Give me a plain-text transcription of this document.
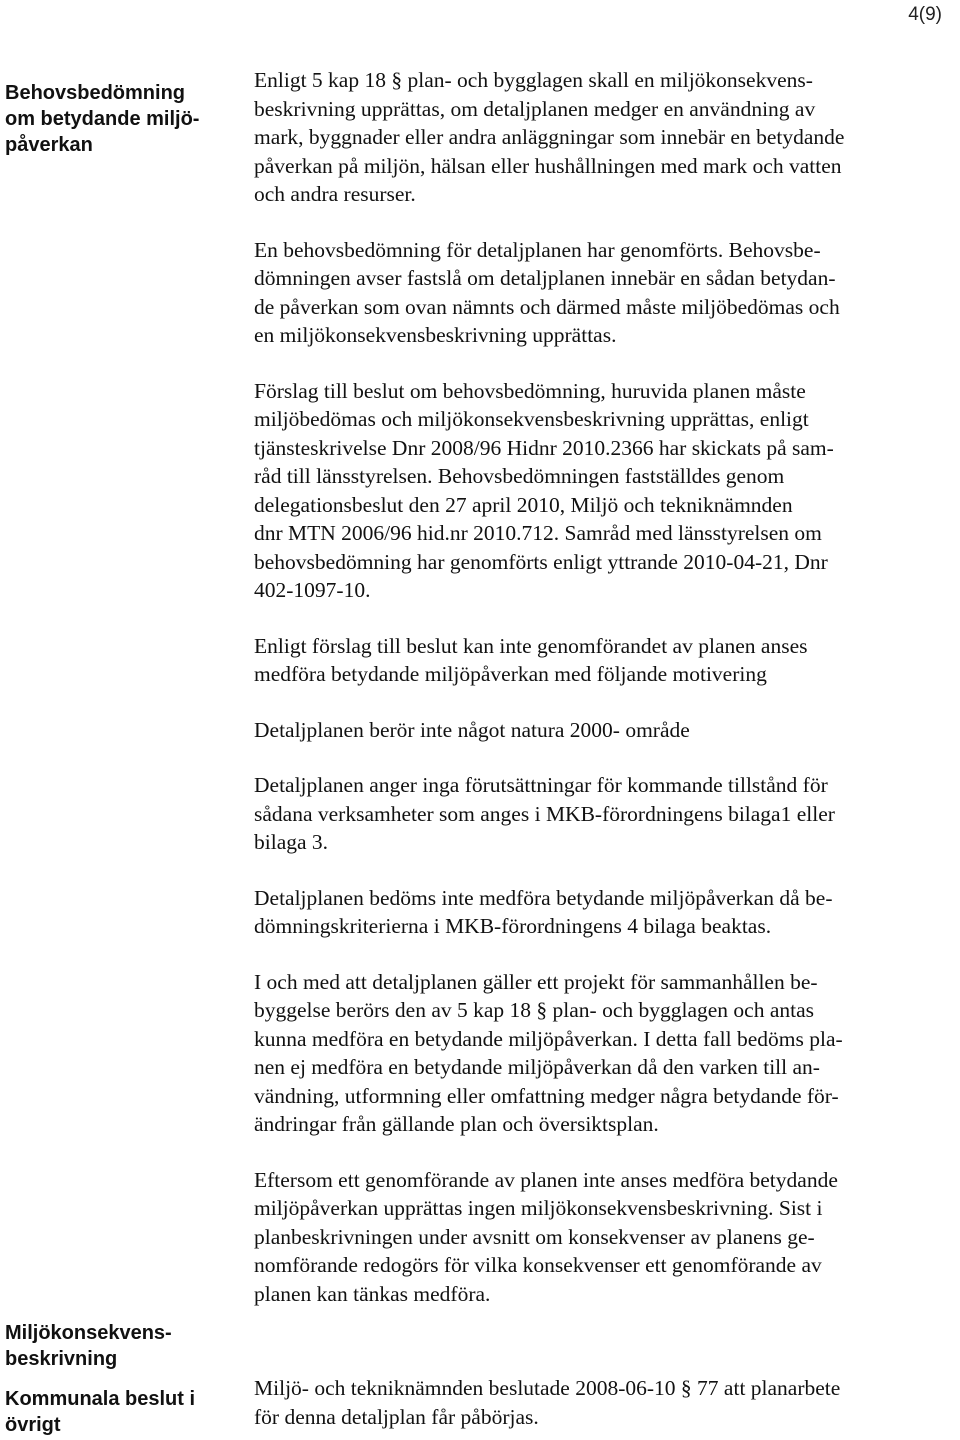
4(9)
Behovsbedömning
om betydande miljö-
påverkan

Enligt 5 kap 18 § plan- och bygglagen skall en miljökonsekvens-
beskrivning upprättas, om detaljplanen medger en användning av
mark, byggnader eller andra anläggningar som innebär en betydande
påverkan på miljön, hälsan eller hushållningen med mark och vatten
och andra resurser.

En behovsbedömning för detaljplanen har genomförts. Behovsbe-
dömningen avser fastslå om detaljplanen innebär en sådan betydan-
de påverkan som ovan nämnts och därmed måste miljöbedömas och
en miljökonsekvensbeskrivning upprättas.

Förslag till beslut om behovsbedömning, huruvida planen måste
miljöbedömas och miljökonsekvensbeskrivning upprättas, enligt
tjänsteskrivelse Dnr 2008/96 Hidnr 2010.2366 har skickats på sam-
råd till länsstyrelsen. Behovsbedömningen fastställdes genom
delegationsbeslut den 27 april 2010, Miljö och tekniknämnden
dnr MTN 2006/96 hid.nr 2010.712. Samråd med länsstyrelsen om
behovsbedömning har genomförts enligt yttrande 2010-04-21, Dnr
402-1097-10.

Enligt förslag till beslut kan inte genomförandet av planen anses
medföra betydande miljöpåverkan med följande motivering

Detaljplanen berör inte något natura 2000- område

Detaljplanen anger inga förutsättningar för kommande tillstånd för
sådana verksamheter som anges i MKB-förordningens bilaga1 eller
bilaga 3.

Detaljplanen bedöms inte medföra betydande miljöpåverkan då be-
dömningskriterierna i MKB-förordningens 4 bilaga beaktas.

I och med att detaljplanen gäller ett projekt för sammanhållen be-
byggelse berörs den av 5 kap 18 § plan- och bygglagen och antas
kunna medföra en betydande miljöpåverkan. I detta fall bedöms pla-
nen ej medföra en betydande miljöpåverkan då den varken till an-
vändning, utformning eller omfattning medger några betydande för-
ändringar från gällande plan och översiktsplan.

Eftersom ett genomförande av planen inte anses medföra betydande
miljöpåverkan upprättas ingen miljökonsekvensbeskrivning. Sist i
planbeskrivningen under avsnitt om konsekvenser av planens ge-
nomförande redogörs för vilka konsekvenser ett genomförande av
planen kan tänkas medföra.

Miljökonsekvens-
beskrivning
Kommunala beslut i
övrigt

Miljö- och tekniknämnden beslutade 2008-06-10 § 77 att planarbete
för denna detaljplan får påbörjas.
